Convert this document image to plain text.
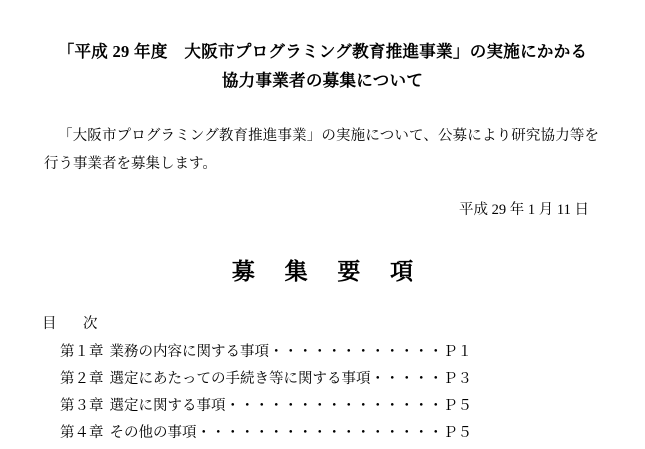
「平成 29 年度　大阪市プログラミング教育推進事業」の実施にかかる
協力事業者の募集について

「大阪市プログラミング教育推進事業」の実施について、公募により研究協力等を行う事業者を募集します。

平成 29 年 1 月 11 日
募 集 要 項
目　次
第１章 業務の内容に関する事項・・・・・・・・・・・・Ｐ１
第２章 選定にあたっての手続き等に関する事項・・・・・Ｐ３
第３章 選定に関する事項・・・・・・・・・・・・・・・Ｐ５
第４章 その他の事項・・・・・・・・・・・・・・・・・Ｐ５
